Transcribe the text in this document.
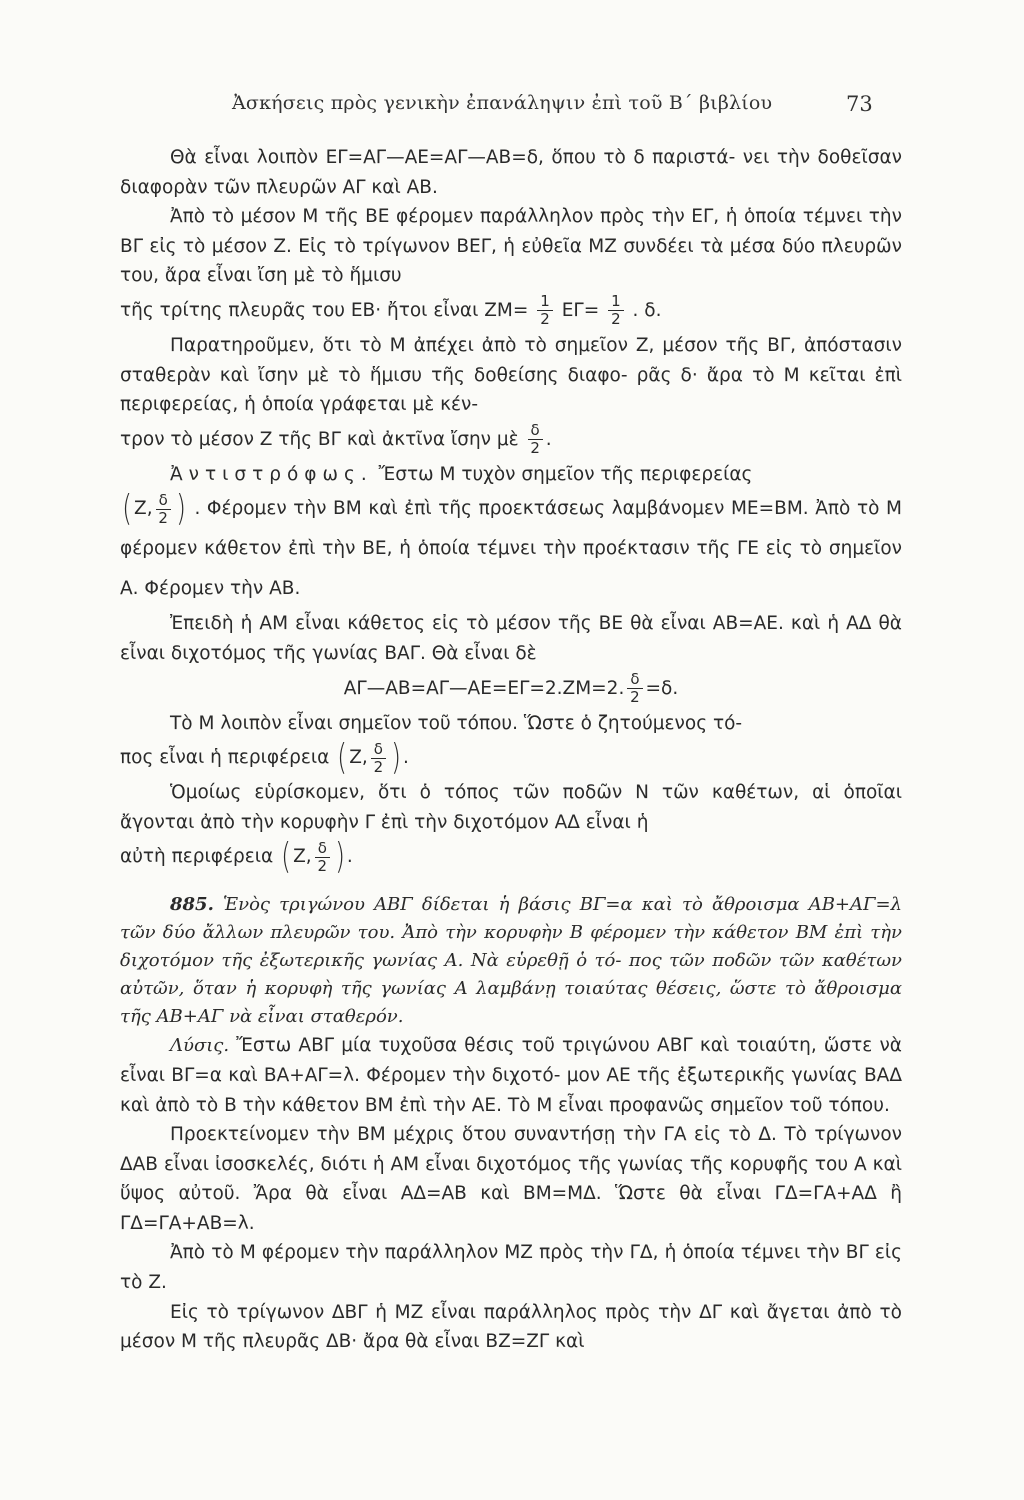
Ἀσκήσεις πρὸς γενικὴν ἐπανάληψιν ἐπὶ τοῦ Β΄ βιβλίου	73

Θὰ εἶναι λοιπὸν ΕΓ=ΑΓ—ΑΕ=ΑΓ—ΑΒ=δ, ὅπου τὸ δ παριστά- νει τὴν δοθεῖσαν διαφορὰν τῶν πλευρῶν ΑΓ καὶ ΑΒ.

Ἀπὸ τὸ μέσον Μ τῆς ΒΕ φέρομεν παράλληλον πρὸς τὴν ΕΓ, ἡ ὁποία τέμνει τὴν ΒΓ εἰς τὸ μέσον Ζ. Εἰς τὸ τρίγωνον ΒΕΓ, ἡ εὐθεῖα ΜΖ συνδέει τὰ μέσα δύο πλευρῶν του, ἄρα εἶναι ἴση μὲ τὸ ἥμισυ

τῆς τρίτης πλευρᾶς του ΕΒ· ἤτοι εἶναι $ZM= \frac{1}{2} E\Gamma= \frac{1}{2}$ . δ.

Παρατηροῦμεν, ὅτι τὸ Μ ἀπέχει ἀπὸ τὸ σημεῖον Ζ, μέσον τῆς ΒΓ, ἀπόστασιν σταθερὰν καὶ ἴσην μὲ τὸ ἥμισυ τῆς δοθείσης διαφο- ρᾶς δ· ἄρα τὸ Μ κεῖται ἐπὶ περιφερείας, ἡ ὁποία γράφεται μὲ κέν-

τρον τὸ μέσον Ζ τῆς ΒΓ καὶ ἀκτῖνα ἴσην μὲ $\frac{\delta}{2}$ .

Ἀντιστρόφως. Ἔστω Μ τυχὸν σημεῖον τῆς περιφερείας

( Ζ, $\frac{\delta}{2}$ ) . Φέρομεν τὴν ΒΜ καὶ ἐπὶ τῆς προεκτάσεως λαμβάνομεν ΜΕ=ΒΜ. Ἀπὸ τὸ Μ φέρομεν κάθετον ἐπὶ τὴν ΒΕ, ἡ ὁποία τέμνει τὴν προέκτασιν τῆς ΓΕ εἰς τὸ σημεῖον Α. Φέρομεν τὴν ΑΒ.

Ἐπειδὴ ἡ ΑΜ εἶναι κάθετος εἰς τὸ μέσον τῆς ΒΕ θὰ εἶναι ΑΒ=ΑΕ. καὶ ἡ ΑΔ θὰ εἶναι διχοτόμος τῆς γωνίας ΒΑΓ. Θὰ εἶναι δὲ

ΑΓ—ΑΒ=ΑΓ—ΑΕ=ΕΓ=2.ΖΜ=2. $\frac{\delta}{2} =\delta$.

Τὸ Μ λοιπὸν εἶναι σημεῖον τοῦ τόπου. Ὥστε ὁ ζητούμενος τό-

πος εἶναι ἡ περιφέρεια ( Ζ, $\frac{\delta}{2}$ ) .

Ὁμοίως εὑρίσκομεν, ὅτι ὁ τόπος τῶν ποδῶν Ν τῶν καθέτων, αἱ ὁποῖαι ἄγονται ἀπὸ τὴν κορυφὴν Γ ἐπὶ τὴν διχοτόμον ΑΔ εἶναι ἡ

αὐτὴ περιφέρεια ( Ζ, $\frac{\delta}{2}$ ) .

885. Ἑνὸς τριγώνου ΑΒΓ δίδεται ἡ βάσις ΒΓ=α καὶ τὸ ἄθροισμα ΑΒ+ΑΓ=λ τῶν δύο ἄλλων πλευρῶν του. Ἀπὸ τὴν κορυφὴν Β φέρομεν τὴν κάθετον ΒΜ ἐπὶ τὴν διχοτόμον τῆς ἐξωτερικῆς γωνίας Α. Νὰ εὑρεθῇ ὁ τό- πος τῶν ποδῶν τῶν καθέτων αὐτῶν, ὅταν ἡ κορυφὴ τῆς γωνίας Α λαμβάνῃ τοιαύτας θέσεις, ὥστε τὸ ἄθροισμα τῆς ΑΒ+ΑΓ νὰ εἶναι σταθερόν.

Λύσις. Ἔστω ΑΒΓ μία τυχοῦσα θέσις τοῦ τριγώνου ΑΒΓ καὶ τοιαύτη, ὥστε νὰ εἶναι ΒΓ=α καὶ ΒΑ+ΑΓ=λ. Φέρομεν τὴν διχοτό- μον ΑΕ τῆς ἐξωτερικῆς γωνίας ΒΑΔ καὶ ἀπὸ τὸ Β τὴν κάθετον ΒΜ ἐπὶ τὴν ΑΕ. Τὸ Μ εἶναι προφανῶς σημεῖον τοῦ τόπου.

Προεκτείνομεν τὴν ΒΜ μέχρις ὅτου συναντήσῃ τὴν ΓΑ εἰς τὸ Δ. Τὸ τρίγωνον ΔΑΒ εἶναι ἰσοσκελές, διότι ἡ ΑΜ εἶναι διχοτόμος τῆς γωνίας τῆς κορυφῆς του Α καὶ ὕψος αὐτοῦ. Ἄρα θὰ εἶναι ΑΔ=ΑΒ καὶ ΒΜ=ΜΔ. Ὥστε θὰ εἶναι ΓΔ=ΓΑ+ΑΔ ἢ ΓΔ=ΓΑ+ΑΒ=λ.

Ἀπὸ τὸ Μ φέρομεν τὴν παράλληλον ΜΖ πρὸς τὴν ΓΔ, ἡ ὁποία τέμνει τὴν ΒΓ εἰς τὸ Ζ.

Εἰς τὸ τρίγωνον ΔΒΓ ἡ ΜΖ εἶναι παράλληλος πρὸς τὴν ΔΓ καὶ ἄγεται ἀπὸ τὸ μέσον Μ τῆς πλευρᾶς ΔΒ· ἄρα θὰ εἶναι ΒΖ=ΖΓ καὶ
